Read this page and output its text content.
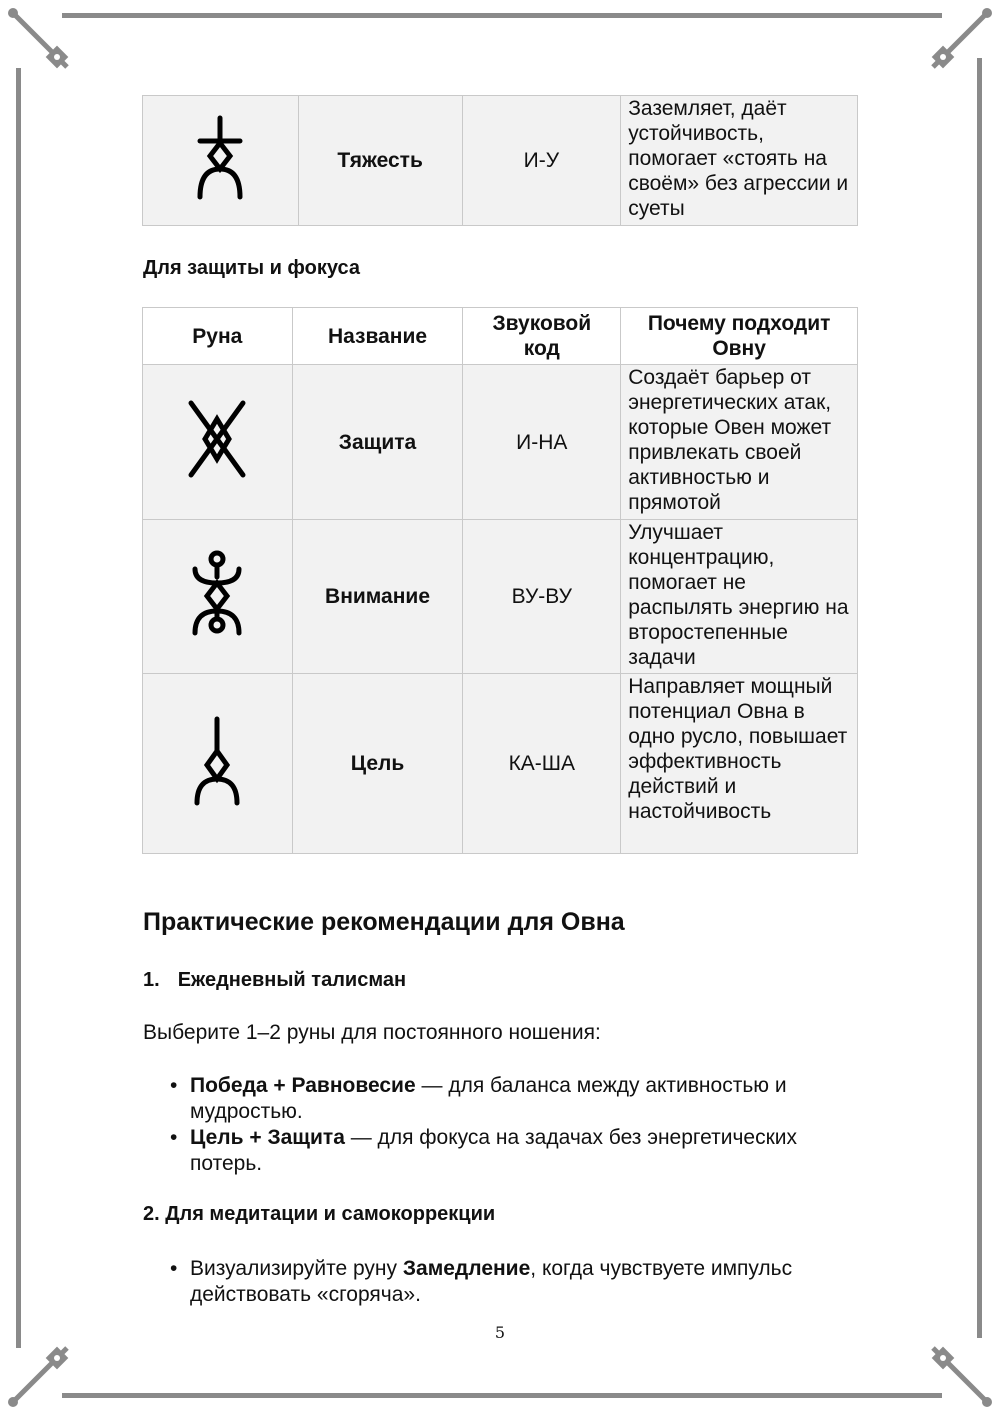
	Тяжесть	И-У	Заземляет, даёт устойчивость, помогает «стоять на своём» без агрессии и суеты
Для защиты и фокуса
Руна	Название	Звуковой код	Почему подходит Овну
	Защита	И-НА	Создаёт барьер от энергетических атак, которые Овен может привлекать своей активностью и прямотой
	Внимание	ВУ-ВУ	Улучшает концентрацию, помогает не распылять энергию на второстепенные задачи
	Цель	КА-ША	Направляет мощный потенциал Овна в одно русло, повышает эффективность действий и настойчивость
Практические рекомендации для Овна
1. Ежедневный талисман
Выберите 1–2 руны для постоянного ношения:
• Победа + Равновесие — для баланса между активностью и мудростью.
• Цель + Защита — для фокуса на задачах без энергетических потерь.
2. Для медитации и самокоррекции
• Визуализируйте руну Замедление, когда чувствуете импульс действовать «сгоряча».
5
